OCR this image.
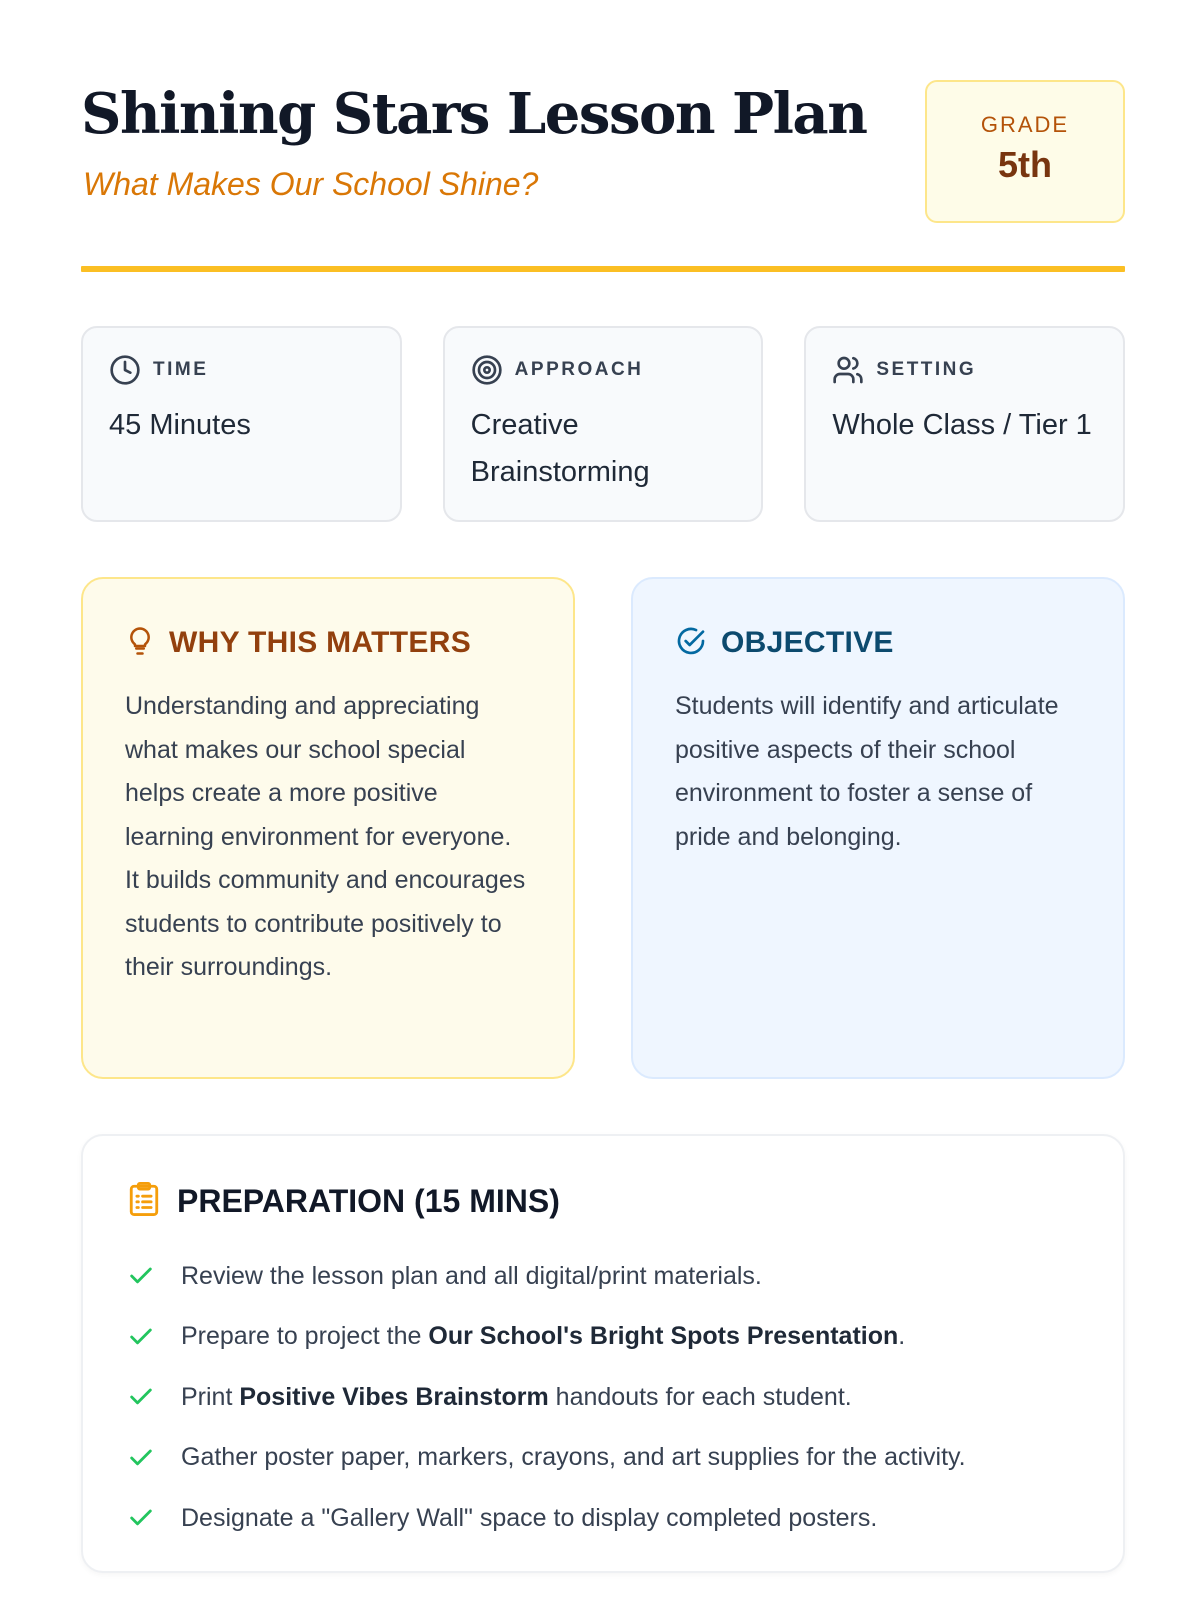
Shining Stars Lesson Plan
What Makes Our School Shine?
GRADE
5th
TIME
45 Minutes
APPROACH
Creative Brainstorming
SETTING
Whole Class / Tier 1
WHY THIS MATTERS

Understanding and appreciating what makes our school special helps create a more positive learning environment for everyone. It builds community and encourages students to contribute positively to their surroundings.

OBJECTIVE

Students will identify and articulate positive aspects of their school environment to foster a sense of pride and belonging.

PREPARATION (15 MINS)
Review the lesson plan and all digital/print materials.
Prepare to project the Our School's Bright Spots Presentation.
Print Positive Vibes Brainstorm handouts for each student.
Gather poster paper, markers, crayons, and art supplies for the activity.
Designate a "Gallery Wall" space to display completed posters.
